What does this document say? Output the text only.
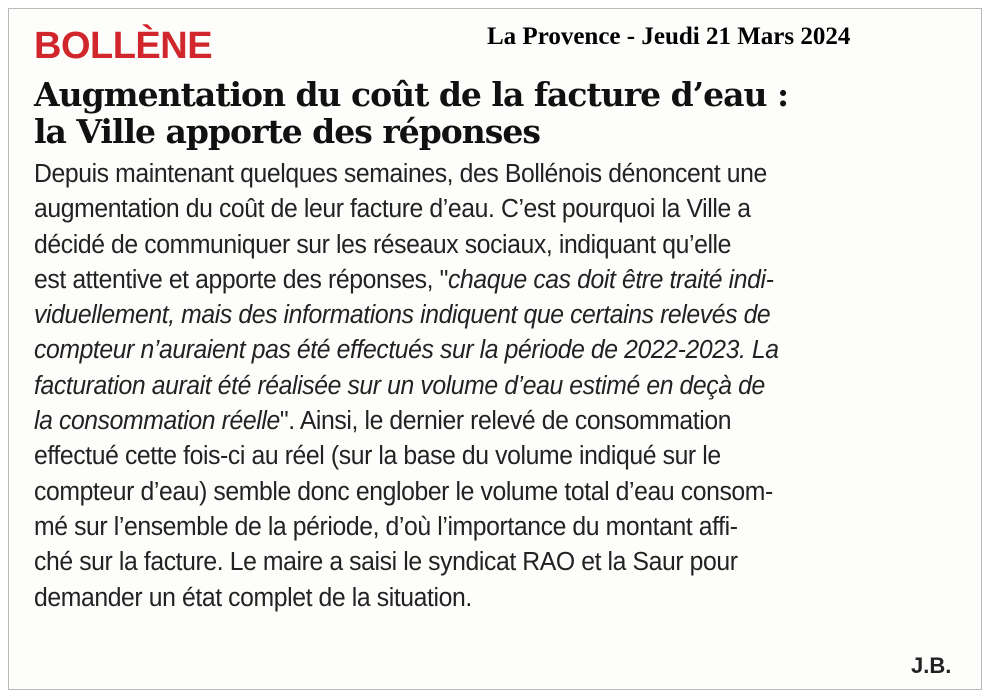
BOLLÈNE	La Provence - Jeudi 21 Mars 2024
Augmentation du coût de la facture d’eau :
la Ville apporte des réponses
Depuis maintenant quelques semaines, des Bollénois dénoncent une
augmentation du coût de leur facture d’eau. C’est pourquoi la Ville a
décidé de communiquer sur les réseaux sociaux, indiquant qu’elle
est attentive et apporte des réponses, "chaque cas doit être traité indi-
viduellement, mais des informations indiquent que certains relevés de
compteur n’auraient pas été effectués sur la période de 2022-2023. La
facturation aurait été réalisée sur un volume d’eau estimé en deçà de
la consommation réelle". Ainsi, le dernier relevé de consommation
effectué cette fois-ci au réel (sur la base du volume indiqué sur le
compteur d’eau) semble donc englober le volume total d’eau consom-
mé sur l’ensemble de la période, d’où l’importance du montant affi-
ché sur la facture. Le maire a saisi le syndicat RAO et la Saur pour
demander un état complet de la situation.
J.B.
